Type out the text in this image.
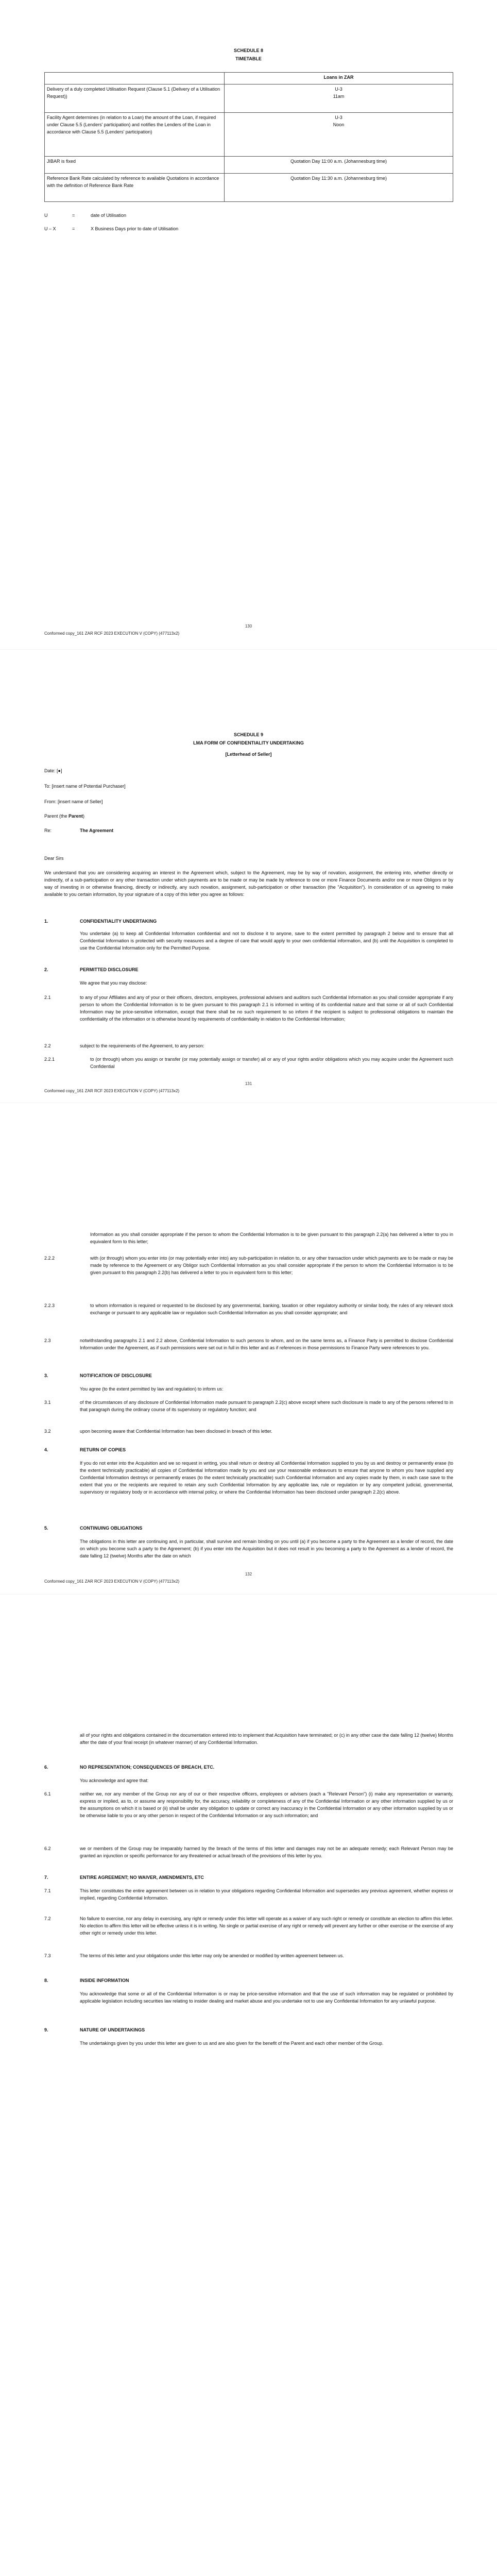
SCHEDULE 8
TIMETABLE
	Loans in ZAR
Delivery of a duly completed Utilisation Request (Clause 5.1 (Delivery of a Utilisation Request))	U-3
11am
Facility Agent determines (in relation to a Loan) the amount of the Loan, if required under Clause 5.5 (Lenders' participation) and notifies the Lenders of the Loan in accordance with Clause 5.5 (Lenders' participation)	U-3
Noon
JIBAR is fixed	Quotation Day 11:00 a.m. (Johannesburg time)
Reference Bank Rate calculated by reference to available Quotations in accordance with the definition of Reference Bank Rate	Quotation Day 11:30 a.m. (Johannesburg time)
U	=	date of Utilisation
U – X	=	X Business Days prior to date of Utilisation
130
Conformed copy_161 ZAR RCF 2023 EXECUTION V (COPY) (477113x2)
SCHEDULE 9
LMA FORM OF CONFIDENTIALITY UNDERTAKING
[Letterhead of Seller]
Date: [●]
To: [insert name of Potential Purchaser]
From: [insert name of Seller]
Parent (the Parent)
Re:	The Agreement
Dear Sirs
We understand that you are considering acquiring an interest in the Agreement which, subject to the Agreement, may be by way of novation, assignment, the entering into, whether directly or indirectly, of a sub-participation or any other transaction under which payments are to be made or may be made by reference to one or more Finance Documents and/or one or more Obligors or by way of investing in or otherwise financing, directly or indirectly, any such novation, assignment, sub-participation or other transaction (the "Acquisition"). In consideration of us agreeing to make available to you certain information, by your signature of a copy of this letter you agree as follows:
1.	CONFIDENTIALITY UNDERTAKING
You undertake (a) to keep all Confidential Information confidential and not to disclose it to anyone, save to the extent permitted by paragraph 2 below and to ensure that all Confidential Information is protected with security measures and a degree of care that would apply to your own confidential information, and (b) until the Acquisition is completed to use the Confidential Information only for the Permitted Purpose.
2.	PERMITTED DISCLOSURE
We agree that you may disclose:
2.1	to any of your Affiliates and any of your or their officers, directors, employees, professional advisers and auditors such Confidential Information as you shall consider appropriate if any person to whom the Confidential Information is to be given pursuant to this paragraph 2.1 is informed in writing of its confidential nature and that some or all of such Confidential Information may be price-sensitive information, except that there shall be no such requirement to so inform if the recipient is subject to professional obligations to maintain the confidentiality of the information or is otherwise bound by requirements of confidentiality in relation to the Confidential Information;
2.2	subject to the requirements of the Agreement, to any person:
2.2.1	to (or through) whom you assign or transfer (or may potentially assign or transfer) all or any of your rights and/or obligations which you may acquire under the Agreement such Confidential
131
Conformed copy_161 ZAR RCF 2023 EXECUTION V (COPY) (477113x2)
Information as you shall consider appropriate if the person to whom the Confidential Information is to be given pursuant to this paragraph 2.2(a) has delivered a letter to you in equivalent form to this letter;
2.2.2	with (or through) whom you enter into (or may potentially enter into) any sub-participation in relation to, or any other transaction under which payments are to be made or may be made by reference to the Agreement or any Obligor such Confidential Information as you shall consider appropriate if the person to whom the Confidential Information is to be given pursuant to this paragraph 2.2(b) has delivered a letter to you in equivalent form to this letter;
2.2.3	to whom information is required or requested to be disclosed by any governmental, banking, taxation or other regulatory authority or similar body, the rules of any relevant stock exchange or pursuant to any applicable law or regulation such Confidential Information as you shall consider appropriate; and
2.3	notwithstanding paragraphs 2.1 and 2.2 above, Confidential Information to such persons to whom, and on the same terms as, a Finance Party is permitted to disclose Confidential Information under the Agreement, as if such permissions were set out in full in this letter and as if references in those permissions to Finance Party were references to you.
3.	NOTIFICATION OF DISCLOSURE
You agree (to the extent permitted by law and regulation) to inform us:
3.1	of the circumstances of any disclosure of Confidential Information made pursuant to paragraph 2.2(c) above except where such disclosure is made to any of the persons referred to in that paragraph during the ordinary course of its supervisory or regulatory function; and
3.2	upon becoming aware that Confidential Information has been disclosed in breach of this letter.
4.	RETURN OF COPIES
If you do not enter into the Acquisition and we so request in writing, you shall return or destroy all Confidential Information supplied to you by us and destroy or permanently erase (to the extent technically practicable) all copies of Confidential Information made by you and use your reasonable endeavours to ensure that anyone to whom you have supplied any Confidential Information destroys or permanently erases (to the extent technically practicable) such Confidential Information and any copies made by them, in each case save to the extent that you or the recipients are required to retain any such Confidential Information by any applicable law, rule or regulation or by any competent judicial, governmental, supervisory or regulatory body or in accordance with internal policy, or where the Confidential Information has been disclosed under paragraph 2.2(c) above.
5.	CONTINUING OBLIGATIONS
The obligations in this letter are continuing and, in particular, shall survive and remain binding on you until (a) if you become a party to the Agreement as a lender of record, the date on which you become such a party to the Agreement; (b) if you enter into the Acquisition but it does not result in you becoming a party to the Agreement as a lender of record, the date falling 12 (twelve) Months after the date on which
132
Conformed copy_161 ZAR RCF 2023 EXECUTION V (COPY) (477113x2)
all of your rights and obligations contained in the documentation entered into to implement that Acquisition have terminated; or (c) in any other case the date falling 12 (twelve) Months after the date of your final receipt (in whatever manner) of any Confidential Information.
6.	NO REPRESENTATION; CONSEQUENCES OF BREACH, ETC.
You acknowledge and agree that:
6.1	neither we, nor any member of the Group nor any of our or their respective officers, employees or advisers (each a "Relevant Person") (i) make any representation or warranty, express or implied, as to, or assume any responsibility for, the accuracy, reliability or completeness of any of the Confidential Information or any other information supplied by us or the assumptions on which it is based or (ii) shall be under any obligation to update or correct any inaccuracy in the Confidential Information or any other information supplied by us or be otherwise liable to you or any other person in respect of the Confidential Information or any such information; and
6.2	we or members of the Group may be irreparably harmed by the breach of the terms of this letter and damages may not be an adequate remedy; each Relevant Person may be granted an injunction or specific performance for any threatened or actual breach of the provisions of this letter by you.
7.	ENTIRE AGREEMENT; NO WAIVER, AMENDMENTS, ETC
7.1	This letter constitutes the entire agreement between us in relation to your obligations regarding Confidential Information and supersedes any previous agreement, whether express or implied, regarding Confidential Information.
7.2	No failure to exercise, nor any delay in exercising, any right or remedy under this letter will operate as a waiver of any such right or remedy or constitute an election to affirm this letter. No election to affirm this letter will be effective unless it is in writing. No single or partial exercise of any right or remedy will prevent any further or other exercise or the exercise of any other right or remedy under this letter.
7.3	The terms of this letter and your obligations under this letter may only be amended or modified by written agreement between us.
8.	INSIDE INFORMATION
You acknowledge that some or all of the Confidential Information is or may be price-sensitive information and that the use of such information may be regulated or prohibited by applicable legislation including securities law relating to insider dealing and market abuse and you undertake not to use any Confidential Information for any unlawful purpose.
9.	NATURE OF UNDERTAKINGS
The undertakings given by you under this letter are given to us and are also given for the benefit of the Parent and each other member of the Group.
